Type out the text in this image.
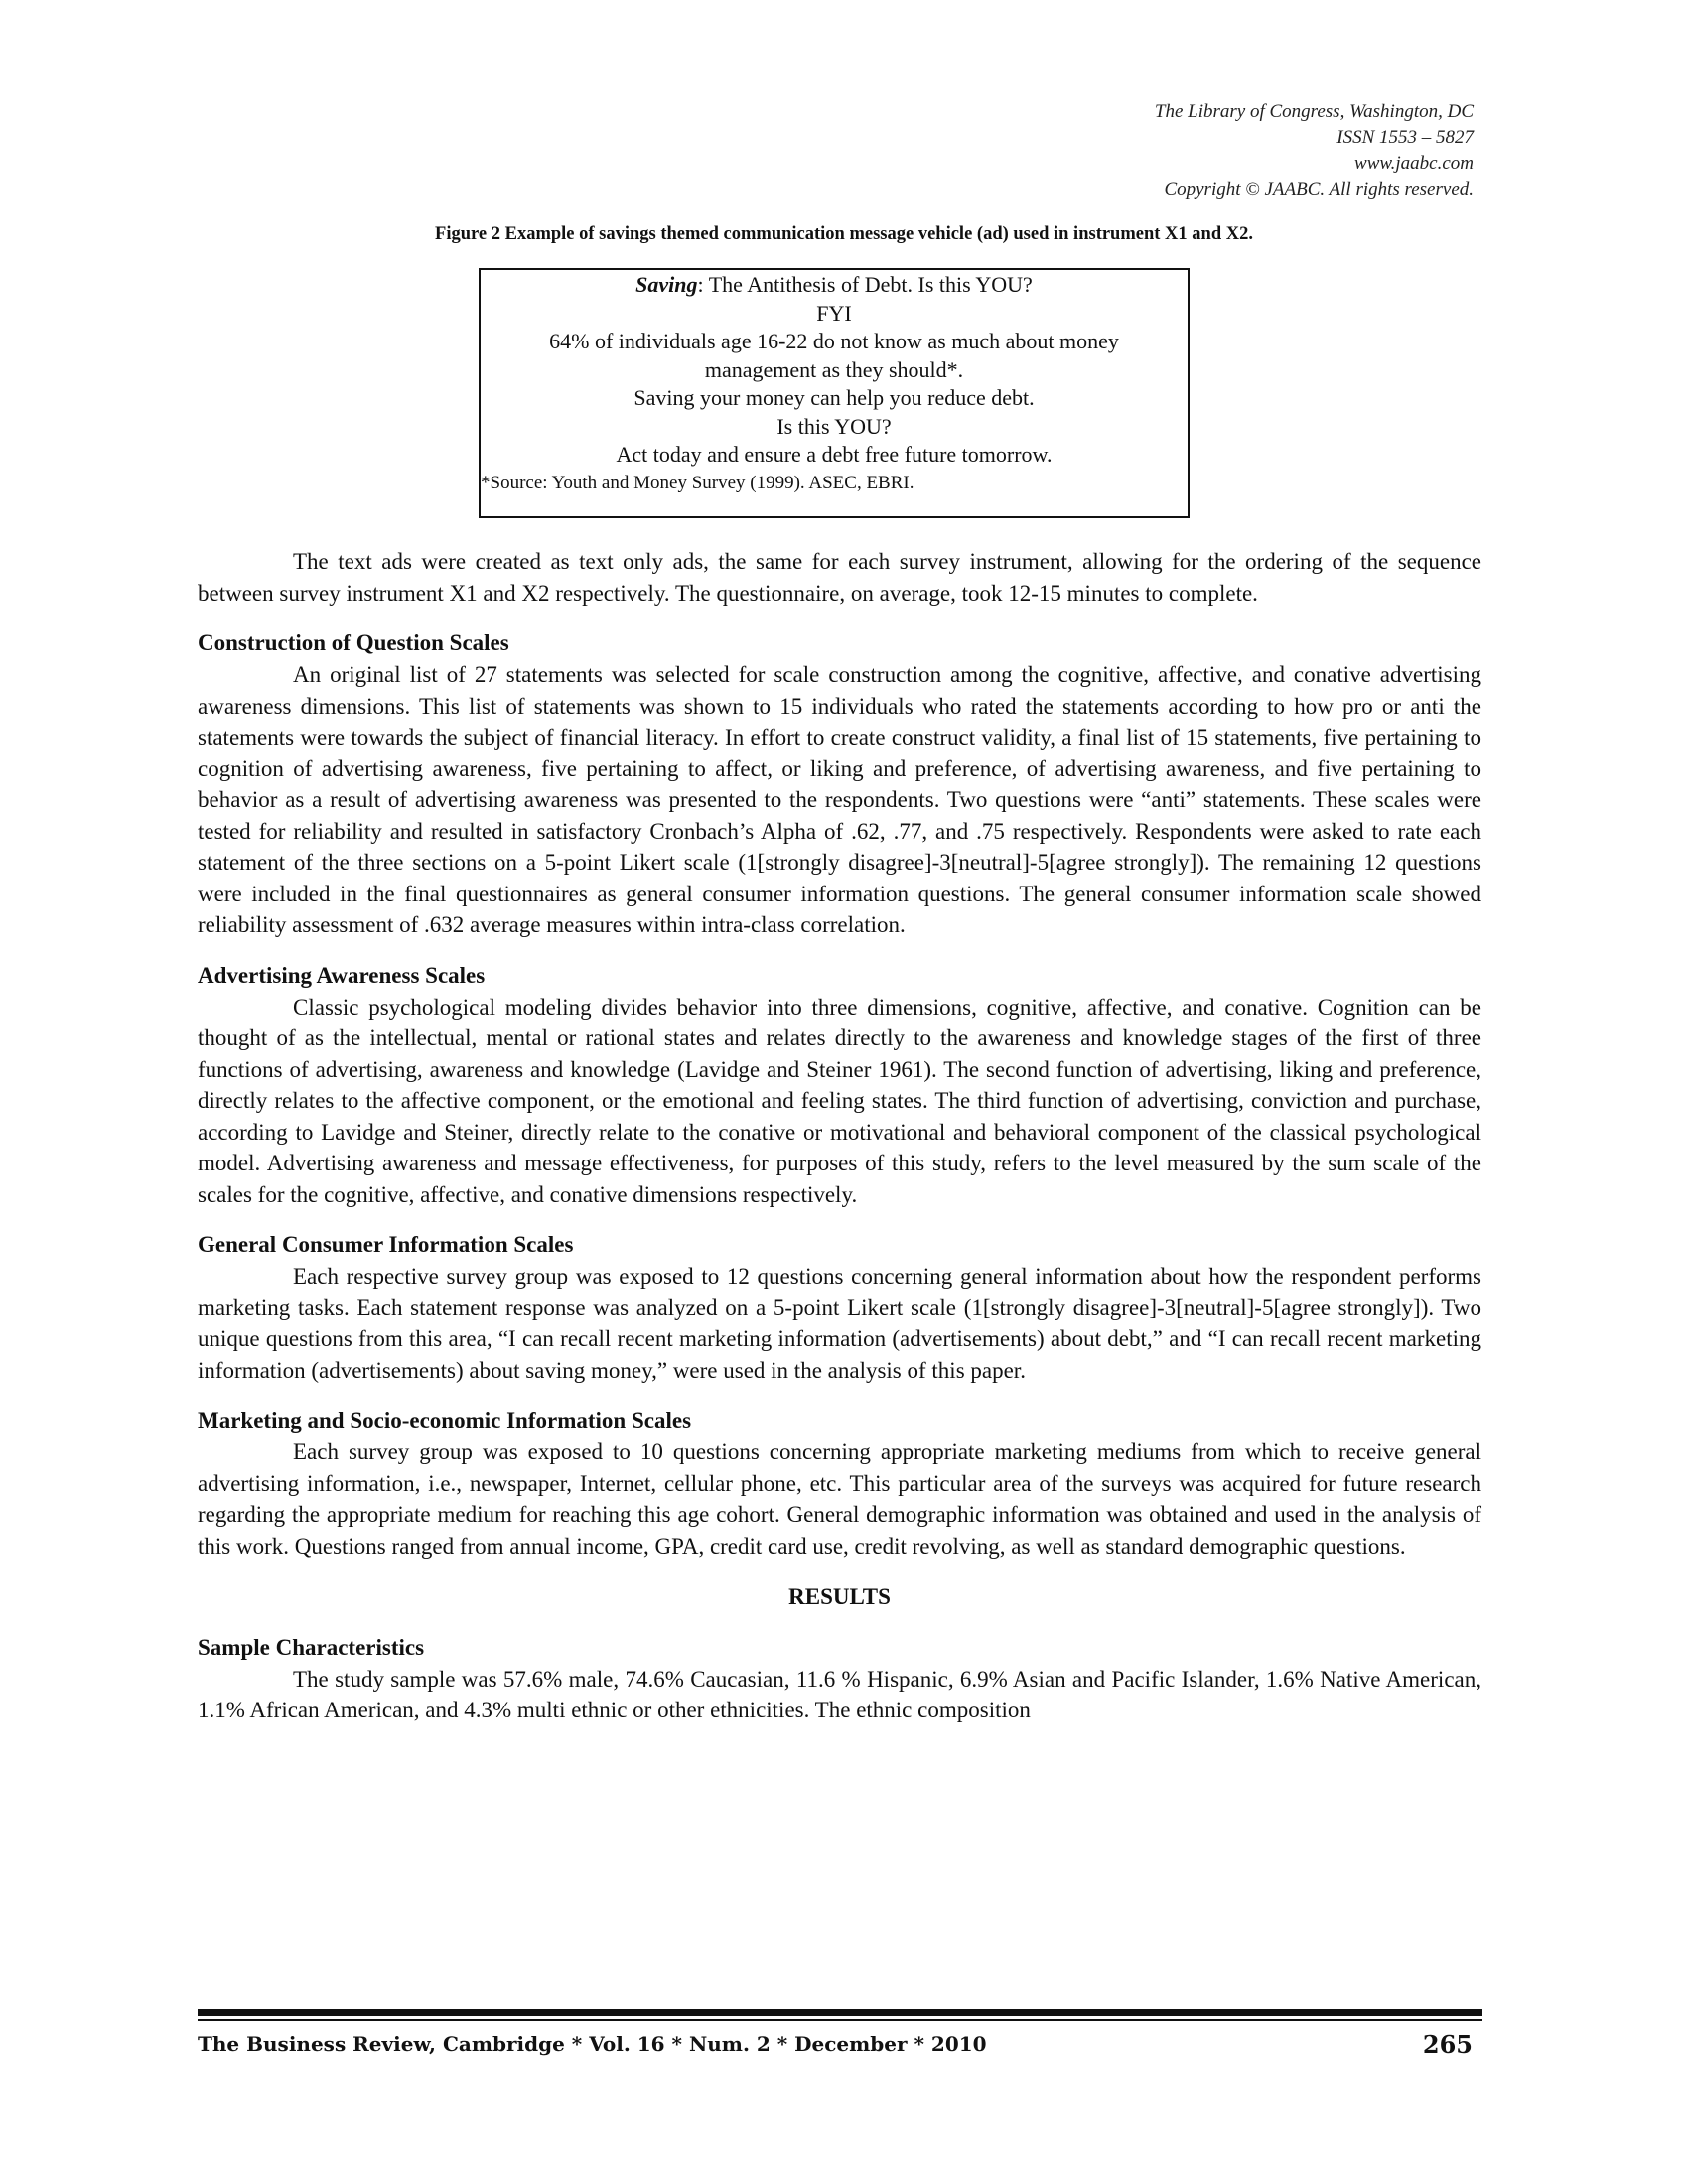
The Library of Congress, Washington, DC
ISSN 1553 – 5827
www.jaabc.com
Copyright © JAABC. All rights reserved.
Figure 2 Example of savings themed communication message vehicle (ad) used in instrument X1 and X2.
Saving: The Antithesis of Debt. Is this YOU?
FYI
64% of individuals age 16-22 do not know as much about money
management as they should*.
Saving your money can help you reduce debt.
Is this YOU?
Act today and ensure a debt free future tomorrow.
*Source: Youth and Money Survey (1999). ASEC, EBRI.

The text ads were created as text only ads, the same for each survey instrument, allowing for the ordering of the sequence between survey instrument X1 and X2 respectively. The questionnaire, on average, took 12-15 minutes to complete.

Construction of Question Scales

An original list of 27 statements was selected for scale construction among the cognitive, affective, and conative advertising awareness dimensions. This list of statements was shown to 15 individuals who rated the statements according to how pro or anti the statements were towards the subject of financial literacy. In effort to create construct validity, a final list of 15 statements, five pertaining to cognition of advertising awareness, five pertaining to affect, or liking and preference, of advertising awareness, and five pertaining to behavior as a result of advertising awareness was presented to the respondents. Two questions were “anti” statements. These scales were tested for reliability and resulted in satisfactory Cronbach’s Alpha of .62, .77, and .75 respectively. Respondents were asked to rate each statement of the three sections on a 5-point Likert scale (1[strongly disagree]-3[neutral]-5[agree strongly]). The remaining 12 questions were included in the final questionnaires as general consumer information questions. The general consumer information scale showed reliability assessment of .632 average measures within intra-class correlation.

Advertising Awareness Scales

Classic psychological modeling divides behavior into three dimensions, cognitive, affective, and conative. Cognition can be thought of as the intellectual, mental or rational states and relates directly to the awareness and knowledge stages of the first of three functions of advertising, awareness and knowledge (Lavidge and Steiner 1961). The second function of advertising, liking and preference, directly relates to the affective component, or the emotional and feeling states. The third function of advertising, conviction and purchase, according to Lavidge and Steiner, directly relate to the conative or motivational and behavioral component of the classical psychological model. Advertising awareness and message effectiveness, for purposes of this study, refers to the level measured by the sum scale of the scales for the cognitive, affective, and conative dimensions respectively.

General Consumer Information Scales

Each respective survey group was exposed to 12 questions concerning general information about how the respondent performs marketing tasks. Each statement response was analyzed on a 5-point Likert scale (1[strongly disagree]-3[neutral]-5[agree strongly]). Two unique questions from this area, “I can recall recent marketing information (advertisements) about debt,” and “I can recall recent marketing information (advertisements) about saving money,” were used in the analysis of this paper.

Marketing and Socio-economic Information Scales

Each survey group was exposed to 10 questions concerning appropriate marketing mediums from which to receive general advertising information, i.e., newspaper, Internet, cellular phone, etc. This particular area of the surveys was acquired for future research regarding the appropriate medium for reaching this age cohort. General demographic information was obtained and used in the analysis of this work. Questions ranged from annual income, GPA, credit card use, credit revolving, as well as standard demographic questions.

RESULTS
Sample Characteristics

The study sample was 57.6% male, 74.6% Caucasian, 11.6 % Hispanic, 6.9% Asian and Pacific Islander, 1.6% Native American, 1.1% African American, and 4.3% multi ethnic or other ethnicities. The ethnic composition

The Business Review, Cambridge * Vol. 16 * Num. 2 * December * 2010	265
